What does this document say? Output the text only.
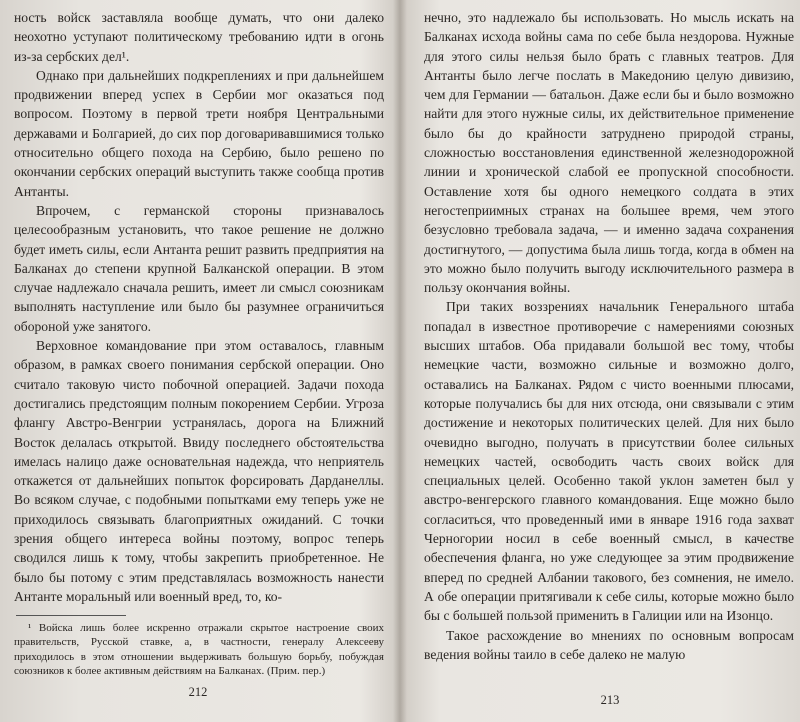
ность войск заставляла вообще думать, что они далеко неохотно уступают политическому требованию идти в огонь из-за сербских дел¹.

Однако при дальнейших подкреплениях и при дальнейшем продвижении вперед успех в Сербии мог оказаться под вопросом. Поэтому в первой трети ноября Центральными державами и Болгарией, до сих пор договаривавшимися только относительно общего похода на Сербию, было решено по окончании сербских операций выступить также сообща против Антанты.

Впрочем, с германской стороны признавалось целесообразным установить, что такое решение не должно будет иметь силы, если Антанта решит развить предприятия на Балканах до степени крупной Балканской операции. В этом случае надлежало сначала решить, имеет ли смысл союзникам выполнять наступление или было бы разумнее ограничиться обороной уже занятого.

Верховное командование при этом оставалось, главным образом, в рамках своего понимания сербской операции. Оно считало таковую чисто побочной операцией. Задачи похода достигались предстоящим полным покорением Сербии. Угроза флангу Австро-Венгрии устранялась, дорога на Ближний Восток делалась открытой. Ввиду последнего обстоятельства имелась налицо даже основательная надежда, что неприятель откажется от дальнейших попыток форсировать Дарданеллы. Во всяком случае, с подобными попытками ему теперь уже не приходилось связывать благоприятных ожиданий. С точки зрения общего интереса войны поэтому, вопрос теперь сводился лишь к тому, чтобы закрепить приобретенное. Не было бы потому с этим представлялась возможность нанести Антанте моральный или военный вред, то, ко-

¹ Войска лишь более искренно отражали скрытое настроение своих правительств, Русской ставке, а, в частности, генералу Алексееву приходилось в этом отношении выдерживать большую борьбу, побуждая союзников к более активным действиям на Балканах. (Прим. пер.)

212

нечно, это надлежало бы использовать. Но мысль искать на Балканах исхода войны сама по себе была нездорова. Нужные для этого силы нельзя было брать с главных театров. Для Антанты было легче послать в Македонию целую дивизию, чем для Германии — батальон. Даже если бы и было возможно найти для этого нужные силы, их действительное применение было бы до крайности затруднено природой страны, сложностью восстановления единственной железнодорожной линии и хронической слабой ее пропускной способности. Оставление хотя бы одного немецкого солдата в этих негостеприимных странах на большее время, чем этого безусловно требовала задача, — и именно задача сохранения достигнутого, — допустима была лишь тогда, когда в обмен на это можно было получить выгоду исключительного размера в пользу окончания войны.

При таких воззрениях начальник Генерального штаба попадал в известное противоречие с намерениями союзных высших штабов. Оба придавали большой вес тому, чтобы немецкие части, возможно сильные и возможно долго, оставались на Балканах. Рядом с чисто военными плюсами, которые получались бы для них отсюда, они связывали с этим достижение и некоторых политических целей. Для них было очевидно выгодно, получать в присутствии более сильных немецких частей, освободить часть своих войск для специальных целей. Особенно такой уклон заметен был у австро-венгерского главного командования. Еще можно было согласиться, что проведенный ими в январе 1916 года захват Черногории носил в себе военный смысл, в качестве обеспечения фланга, но уже следующее за этим продвижение вперед по средней Албании такового, без сомнения, не имело. А обе операции притягивали к себе силы, которые можно было бы с большей пользой применить в Галиции или на Изонцо.

Такое расхождение во мнениях по основным вопросам ведения войны таило в себе далеко не малую

213
